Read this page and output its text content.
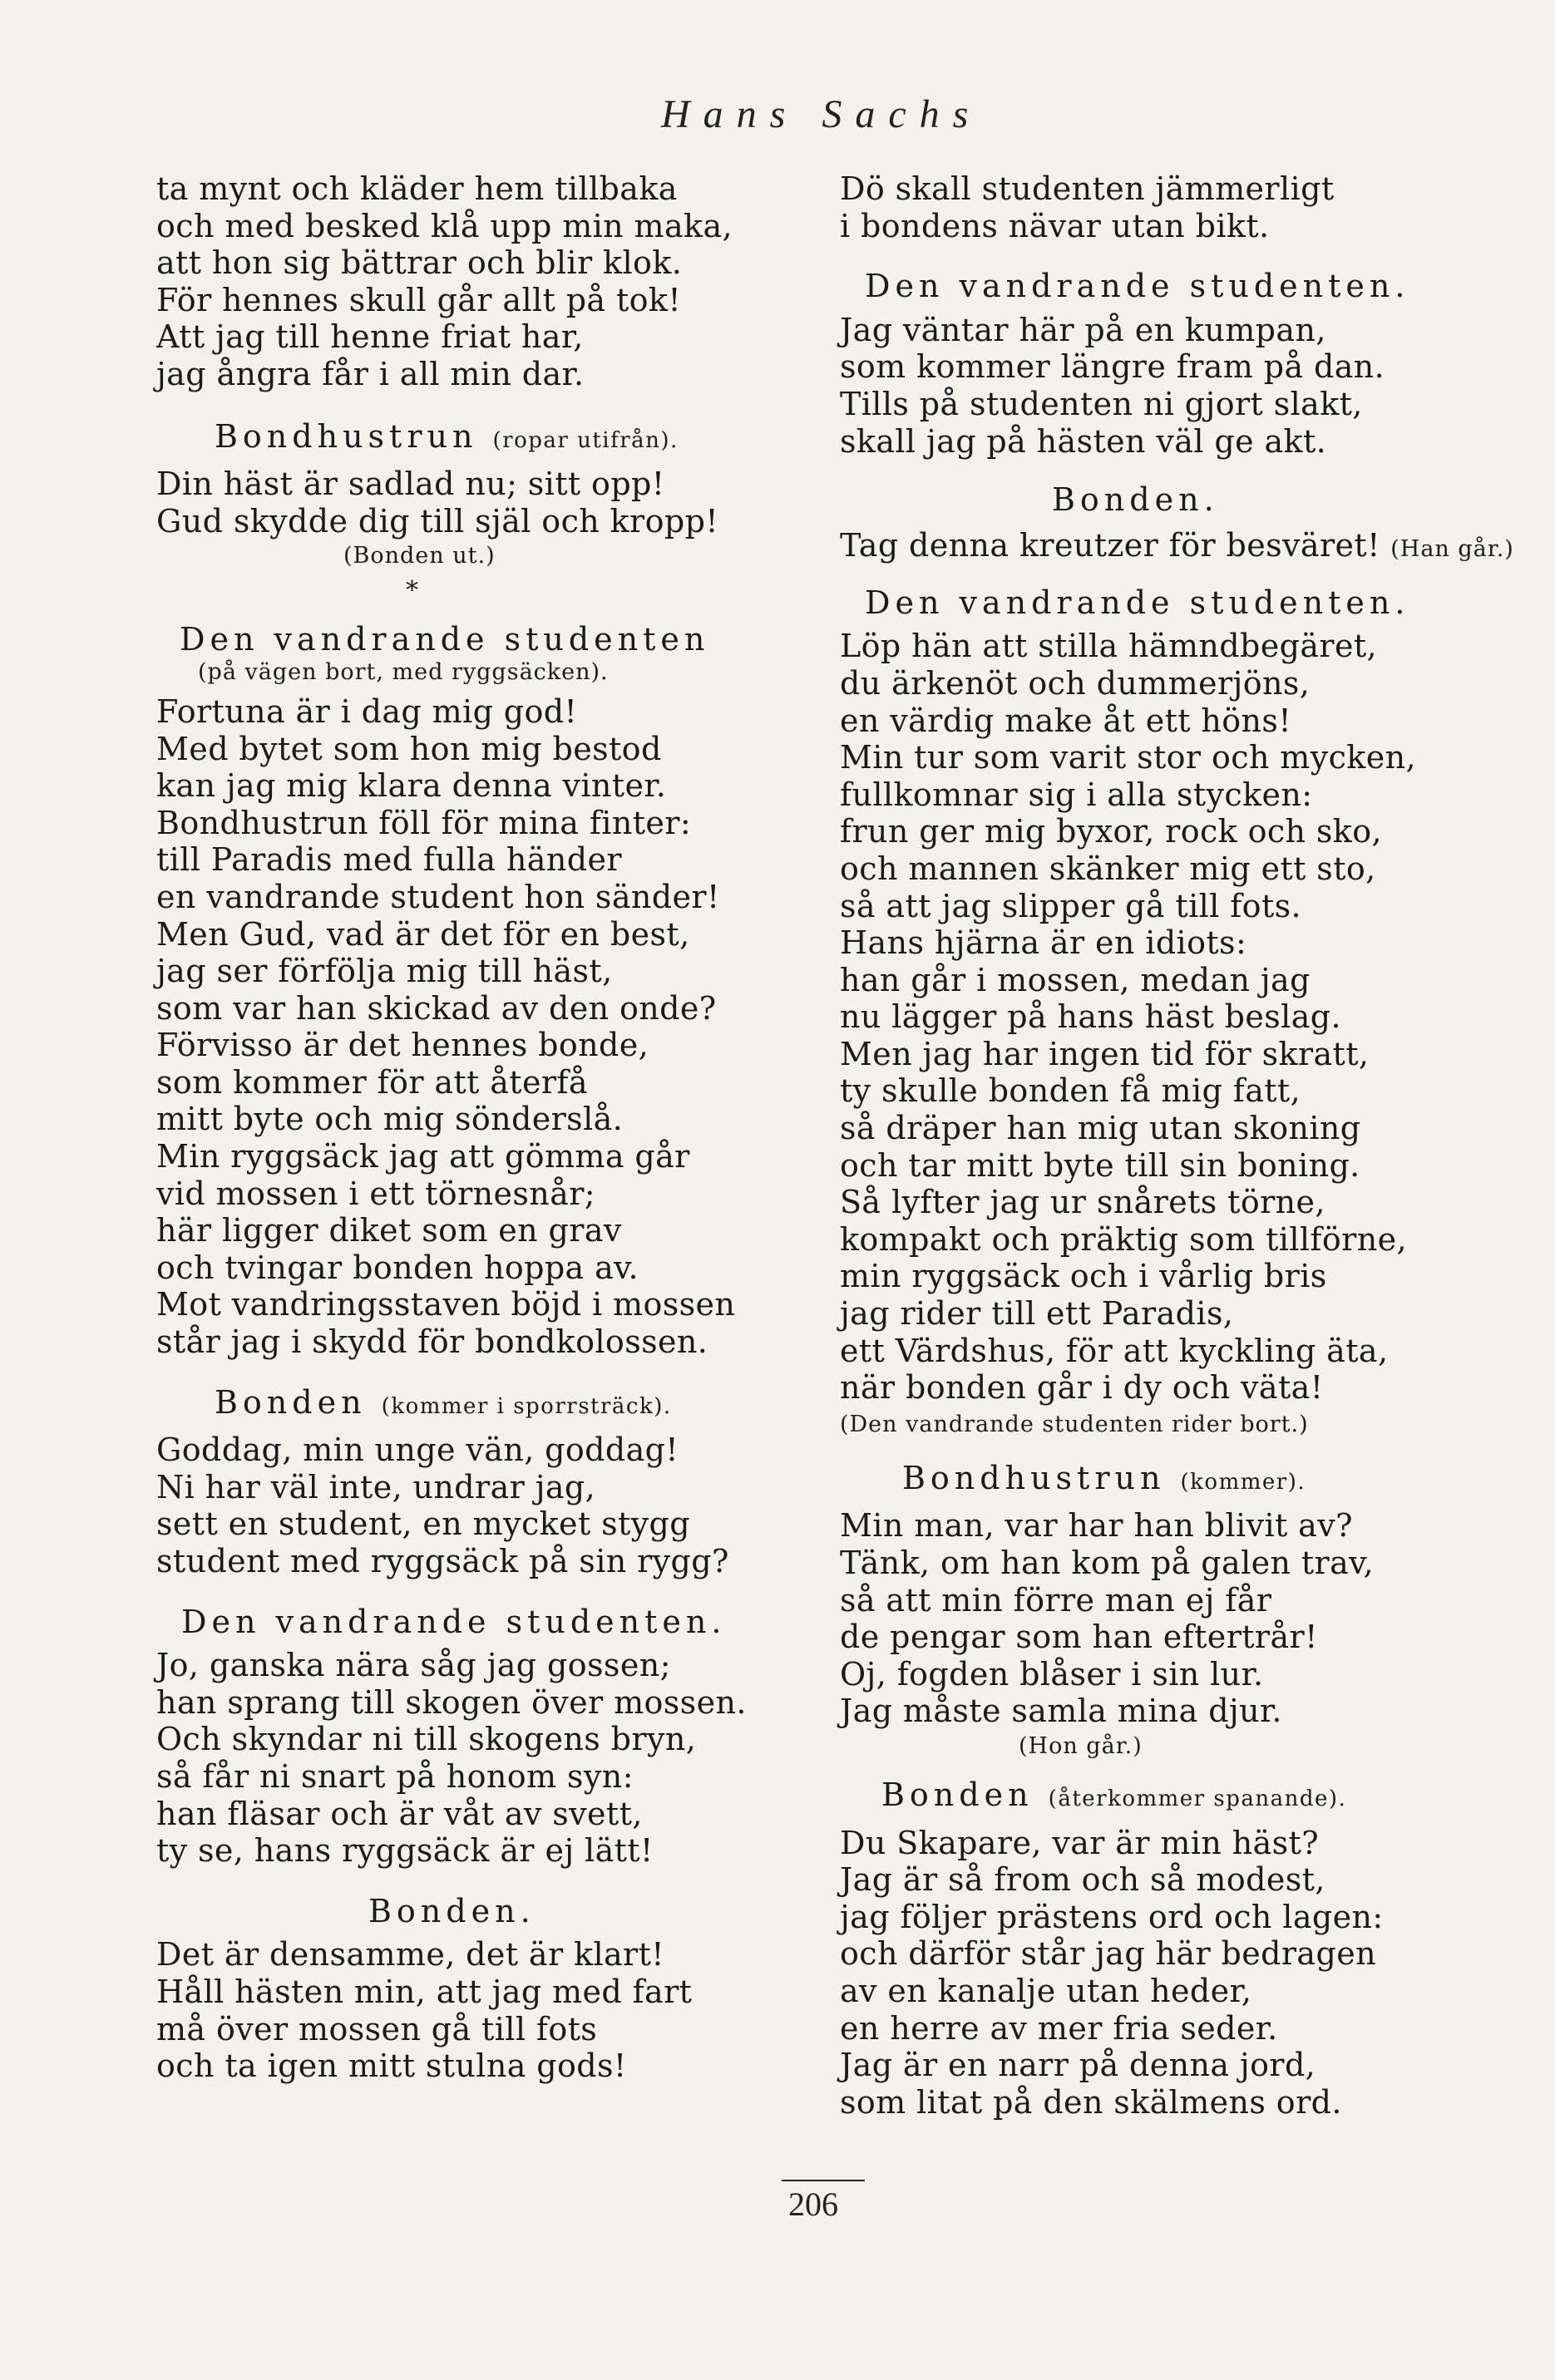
Hans Sachs
ta mynt och kläder hem tillbaka
och med besked klå upp min maka,
att hon sig bättrar och blir klok.
För hennes skull går allt på tok!
Att jag till henne friat har,
jag ångra får i all min dar.
Bondhustrun (ropar utifrån).
Din häst är sadlad nu; sitt opp!
Gud skydde dig till själ och kropp!
(Bonden ut.)
*
Den vandrande studenten
(på vägen bort, med ryggsäcken).
Fortuna är i dag mig god!
Med bytet som hon mig bestod
kan jag mig klara denna vinter.
Bondhustrun föll för mina finter:
till Paradis med fulla händer
en vandrande student hon sänder!
Men Gud, vad är det för en best,
jag ser förfölja mig till häst,
som var han skickad av den onde?
Förvisso är det hennes bonde,
som kommer för att återfå
mitt byte och mig sönderslå.
Min ryggsäck jag att gömma går
vid mossen i ett törnesnår;
här ligger diket som en grav
och tvingar bonden hoppa av.
Mot vandringsstaven böjd i mossen
står jag i skydd för bondkolossen.
Bonden (kommer i sporrsträck).
Goddag, min unge vän, goddag!
Ni har väl inte, undrar jag,
sett en student, en mycket stygg
student med ryggsäck på sin rygg?
Den vandrande studenten.
Jo, ganska nära såg jag gossen;
han sprang till skogen över mossen.
Och skyndar ni till skogens bryn,
så får ni snart på honom syn:
han fläsar och är våt av svett,
ty se, hans ryggsäck är ej lätt!
Bonden.
Det är densamme, det är klart!
Håll hästen min, att jag med fart
må över mossen gå till fots
och ta igen mitt stulna gods!
Dö skall studenten jämmerligt
i bondens nävar utan bikt.
Den vandrande studenten.
Jag väntar här på en kumpan,
som kommer längre fram på dan.
Tills på studenten ni gjort slakt,
skall jag på hästen väl ge akt.
Bonden.
Tag denna kreutzer för besväret! (Han går.)
Den vandrande studenten.
Löp hän att stilla hämndbegäret,
du ärkenöt och dummerjöns,
en värdig make åt ett höns!
Min tur som varit stor och mycken,
fullkomnar sig i alla stycken:
frun ger mig byxor, rock och sko,
och mannen skänker mig ett sto,
så att jag slipper gå till fots.
Hans hjärna är en idiots:
han går i mossen, medan jag
nu lägger på hans häst beslag.
Men jag har ingen tid för skratt,
ty skulle bonden få mig fatt,
så dräper han mig utan skoning
och tar mitt byte till sin boning.
Så lyfter jag ur snårets törne,
kompakt och präktig som tillförne,
min ryggsäck och i vårlig bris
jag rider till ett Paradis,
ett Värdshus, för att kyckling äta,
när bonden går i dy och väta!
(Den vandrande studenten rider bort.)
Bondhustrun (kommer).
Min man, var har han blivit av?
Tänk, om han kom på galen trav,
så att min förre man ej får
de pengar som han eftertrår!
Oj, fogden blåser i sin lur.
Jag måste samla mina djur.
(Hon går.)
Bonden (återkommer spanande).
Du Skapare, var är min häst?
Jag är så from och så modest,
jag följer prästens ord och lagen:
och därför står jag här bedragen
av en kanalje utan heder,
en herre av mer fria seder.
Jag är en narr på denna jord,
som litat på den skälmens ord.
206
